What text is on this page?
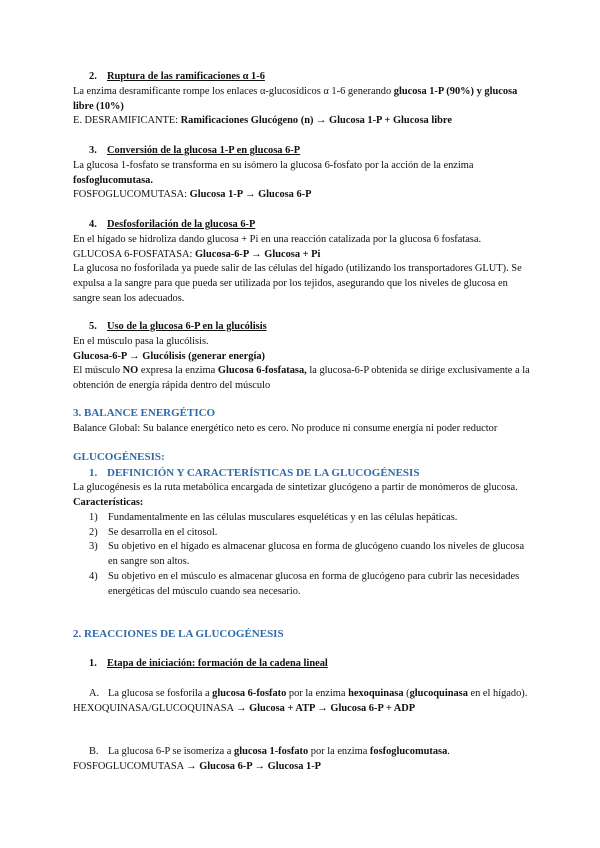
2. Ruptura de las ramificaciones α 1-6

La enzima desramificante rompe los enlaces α-glucosídicos α 1-6 generando glucosa 1-P (90%) y glucosa libre (10%)

E. DESRAMIFICANTE: Ramificaciones Glucógeno (n) → Glucosa 1-P + Glucosa libre

3. Conversión de la glucosa 1-P en glucosa 6-P

La glucosa 1-fosfato se transforma en su isómero la glucosa 6-fosfato por la acción de la enzima fosfoglucomutasa.

FOSFOGLUCOMUTASA: Glucosa 1-P → Glucosa 6-P

4. Desfosforilación de la glucosa 6-P

En el hígado se hidroliza dando glucosa + Pi en una reacción catalizada por la glucosa 6 fosfatasa.

GLUCOSA 6-FOSFATASA: Glucosa-6-P → Glucosa + Pi

La glucosa no fosforilada ya puede salir de las células del hígado (utilizando los transportadores GLUT). Se expulsa a la sangre para que pueda ser utilizada por los tejidos, asegurando que los niveles de glucosa en sangre sean los adecuados.

5. Uso de la glucosa 6-P en la glucólisis

En el músculo pasa la glucólisis.

Glucosa-6-P → Glucólisis (generar energía)

El músculo NO expresa la enzima Glucosa 6-fosfatasa, la glucosa-6-P obtenida se dirige exclusivamente a la obtención de energía rápida dentro del músculo

3. BALANCE ENERGÉTICO

Balance Global: Su balance energético neto es cero. No produce ni consume energía ni poder reductor

GLUCOGÉNESIS:

1. DEFINICIÓN Y CARACTERÍSTICAS DE LA GLUCOGÉNESIS

La glucogénesis es la ruta metabólica encargada de sintetizar glucógeno a partir de monómeros de glucosa.

Características:

1) Fundamentalmente en las células musculares esqueléticas y en las células hepáticas.
2) Se desarrolla en el citosol.
3) Su objetivo en el hígado es almacenar glucosa en forma de glucógeno cuando los niveles de glucosa en sangre son altos.
4) Su objetivo en el músculo es almacenar glucosa en forma de glucógeno para cubrir las necesidades energéticas del músculo cuando sea necesario.

2. REACCIONES DE LA GLUCOGÉNESIS

1. Etapa de iniciación: formación de la cadena lineal

A. La glucosa se fosforila a glucosa 6-fosfato por la enzima hexoquinasa (glucoquinasa en el hígado).

HEXOQUINASA/GLUCOQUINASA → Glucosa + ATP → Glucosa 6-P + ADP

B. La glucosa 6-P se isomeriza a glucosa 1-fosfato por la enzima fosfoglucomutasa.

FOSFOGLUCOMUTASA → Glucosa 6-P → Glucosa 1-P
